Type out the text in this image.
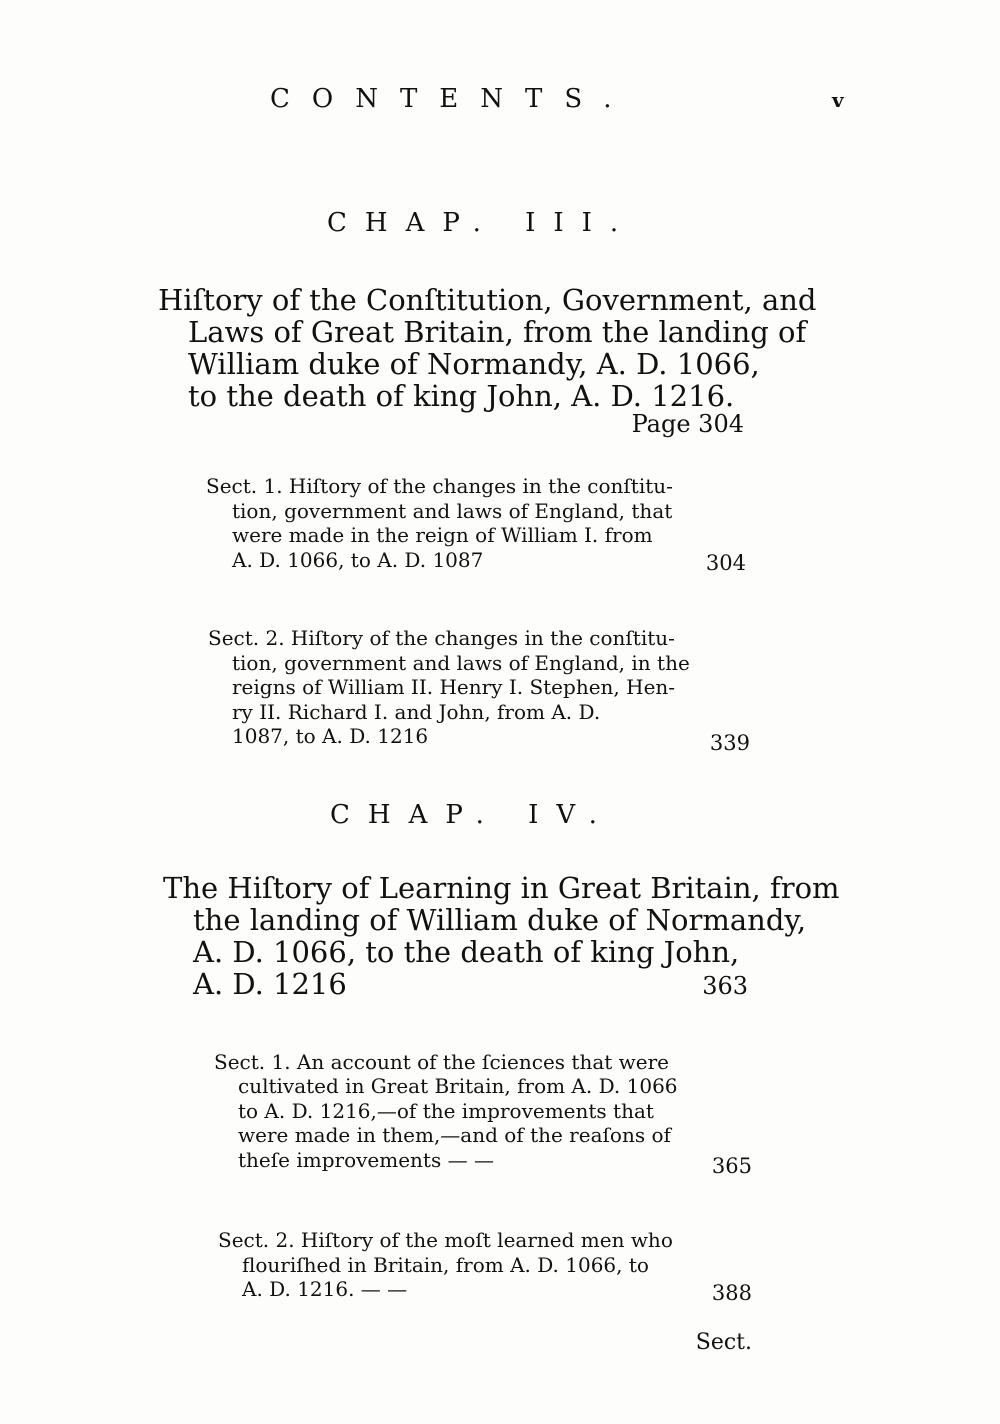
CONTENTS.	v
CHAP. III.
Hiſtory of the Conſtitution, Government, and
Laws of Great Britain, from the landing of
William duke of Normandy, A. D. 1066,
to the death of king John, A. D. 1216.
Page 304
Sect. 1. Hiſtory of the changes in the conſtitu-
tion, government and laws of England, that
were made in the reign of William I. from
A. D. 1066, to A. D. 1087	304
Sect. 2. Hiſtory of the changes in the conſtitu-
tion, government and laws of England, in the
reigns of William II. Henry I. Stephen, Hen-
ry II. Richard I. and John, from A. D.
1087, to A. D. 1216	339
CHAP. IV.
The Hiſtory of Learning in Great Britain, from
the landing of William duke of Normandy,
A. D. 1066, to the death of king John,
A. D. 1216	363
Sect. 1. An account of the ſciences that were
cultivated in Great Britain, from A. D. 1066
to A. D. 1216,—of the improvements that
were made in them,—and of the reaſons of
theſe improvements — —	365
Sect. 2. Hiſtory of the moſt learned men who
flouriſhed in Britain, from A. D. 1066, to
A. D. 1216. — —	388
Sect.
